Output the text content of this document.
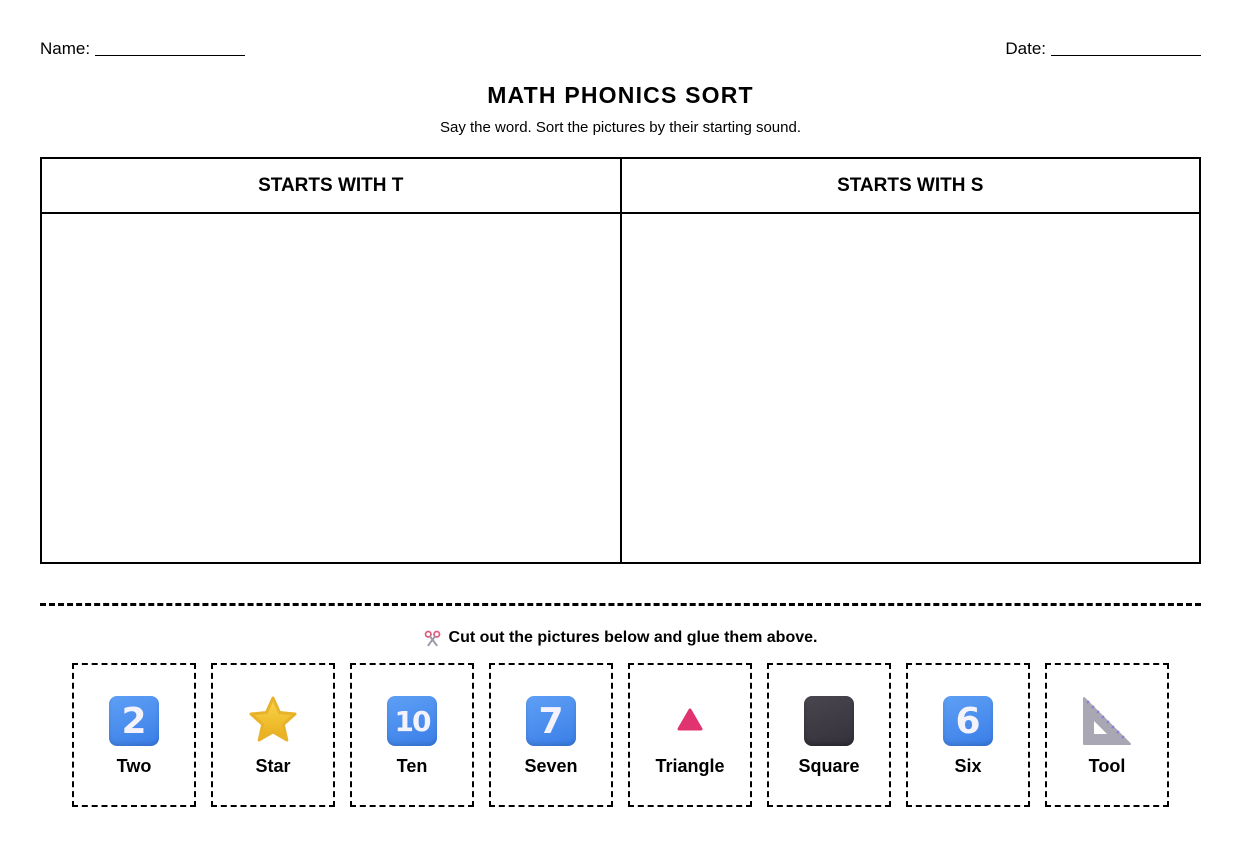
Name:	Date:
MATH PHONICS SORT
Say the word. Sort the pictures by their starting sound.
STARTS WITH T	STARTS WITH S
Cut out the pictures below and glue them above.
2
Two	Star
10
Ten
7
Seven	Triangle	Square
6
Six	Tool
